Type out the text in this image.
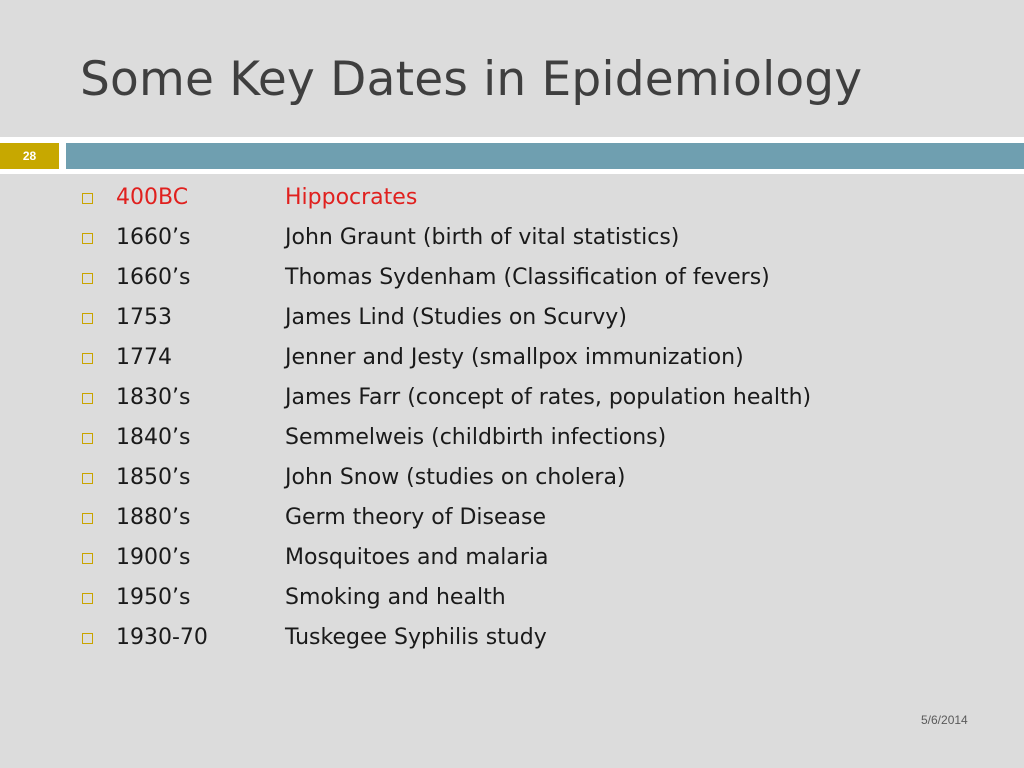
Some Key Dates in Epidemiology
28
400BC	Hippocrates
1660’s	John Graunt (birth of vital statistics)
1660’s	Thomas Sydenham (Classification of fevers)
1753	James Lind (Studies on Scurvy)
1774	Jenner and Jesty (smallpox immunization)
1830’s	James Farr (concept of rates, population health)
1840’s	Semmelweis (childbirth infections)
1850’s	John Snow (studies on cholera)
1880’s	Germ theory of Disease
1900’s	Mosquitoes and malaria
1950’s	Smoking and health
1930-70	Tuskegee Syphilis study
5/6/2014
